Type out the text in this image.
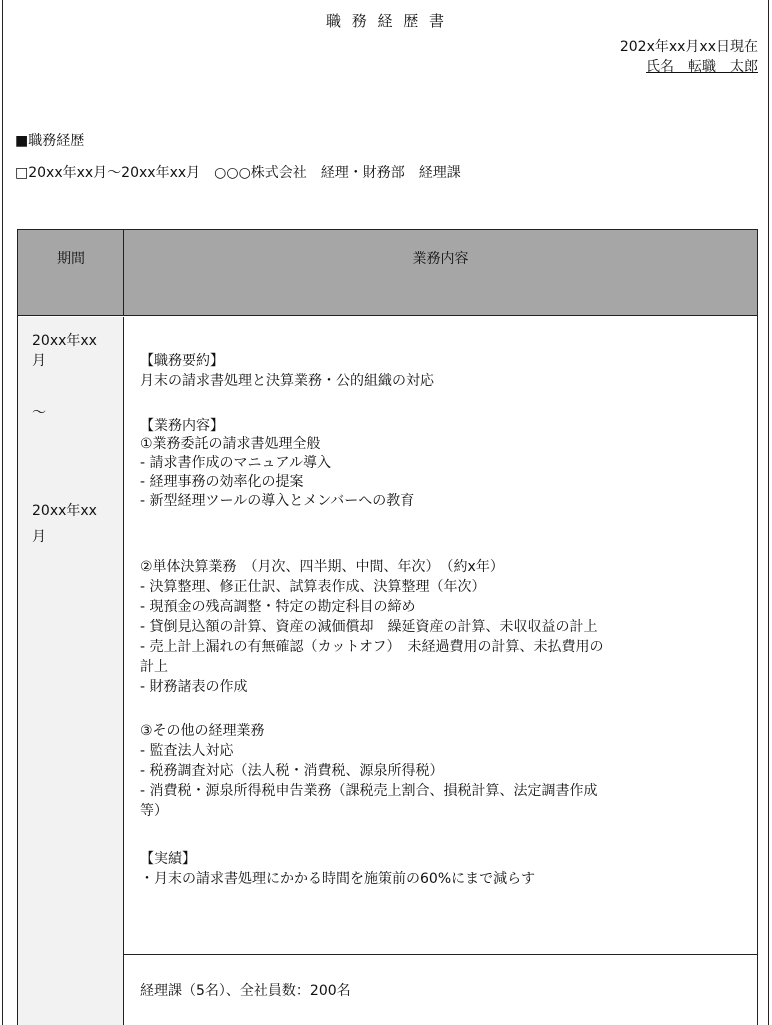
職 務 経 歴 書
202x年xx月xx日現在
氏名　転職　太郎
■職務経歴
□20xx年xx月〜20xx年xx月　○○○株式会社　経理・財務部　経理課
期間	業務内容
20xx年xx
月
〜
20xx年xx
月
【職務要約】
月末の請求書処理と決算業務・公的組織の対応
【業務内容】
①業務委託の請求書処理全般
- 請求書作成のマニュアル導入
- 経理事務の効率化の提案
- 新型経理ツールの導入とメンバーへの教育
②単体決算業務　（月次、四半期、中間、年次）　（約x年）
- 決算整理、修正仕訳、試算表作成、決算整理（年次）
- 現預金の残高調整・特定の勘定科目の締め
- 貸倒見込額の計算、資産の減価償却　繰延資産の計算、未収収益の計上
- 売上計上漏れの有無確認（カットオフ）　未経過費用の計算、未払費用の
計上
- 財務諸表の作成
③その他の経理業務
- 監査法人対応
- 税務調査対応（法人税・消費税、源泉所得税）
- 消費税・源泉所得税申告業務（課税売上割合、損税計算、法定調書作成
等）
【実績】
・月末の請求書処理にかかる時間を施策前の60%にまで減らす
経理課（5名）、全社員数：200名
